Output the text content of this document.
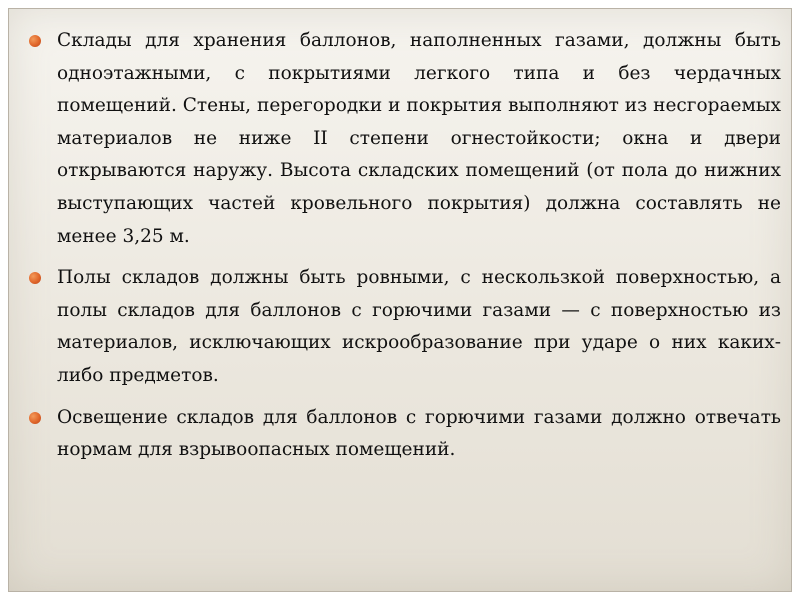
Склады для хранения баллонов, наполненных газами, должны быть одноэтажными, с покрытиями легкого типа и без чердачных помещений. Стены, перегородки и покрытия выполняют из несгораемых материалов не ниже II степени огнестойкости; окна и двери открываются наружу. Высота складских помещений (от пола до нижних выступающих частей кровельного покрытия) должна составлять не менее 3,25 м.
Полы складов должны быть ровными, с нескользкой поверхностью, а полы складов для баллонов с горючими газами — с поверхностью из материалов, исключающих искрообразование при ударе о них каких-либо предметов.
Освещение складов для баллонов с горючими газами должно отвечать нормам для взрывоопасных помещений.
